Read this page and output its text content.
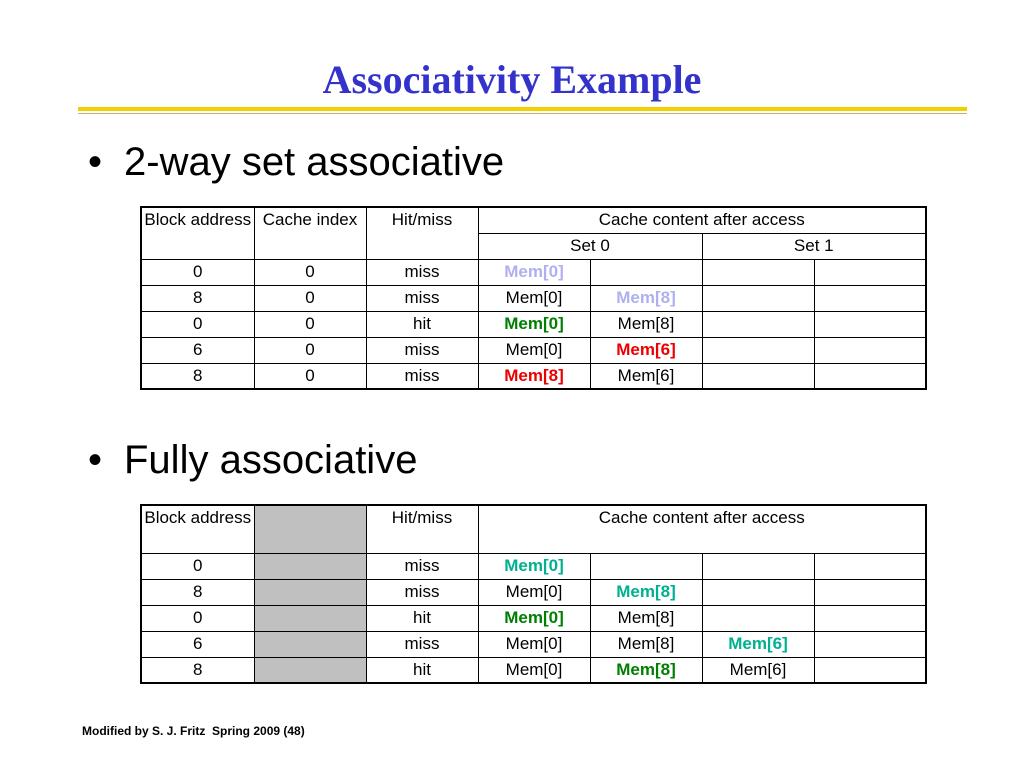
Associativity Example
• 2-way set associative
Block address	Cache index	Hit/miss	Cache content after access			
			Set 0		Set 1	
0	0	miss	Mem[0]			
8	0	miss	Mem[0]	Mem[8]		
0	0	hit	Mem[0]	Mem[8]		
6	0	miss	Mem[0]	Mem[6]		
8	0	miss	Mem[8]	Mem[6]		
• Fully associative
Block address		Hit/miss	Cache content after access			
0		miss	Mem[0]			
8		miss	Mem[0]	Mem[8]		
0		hit	Mem[0]	Mem[8]		
6		miss	Mem[0]	Mem[8]	Mem[6]	
8		hit	Mem[0]	Mem[8]	Mem[6]	
Modified by S. J. Fritz  Spring 2009 (48)
